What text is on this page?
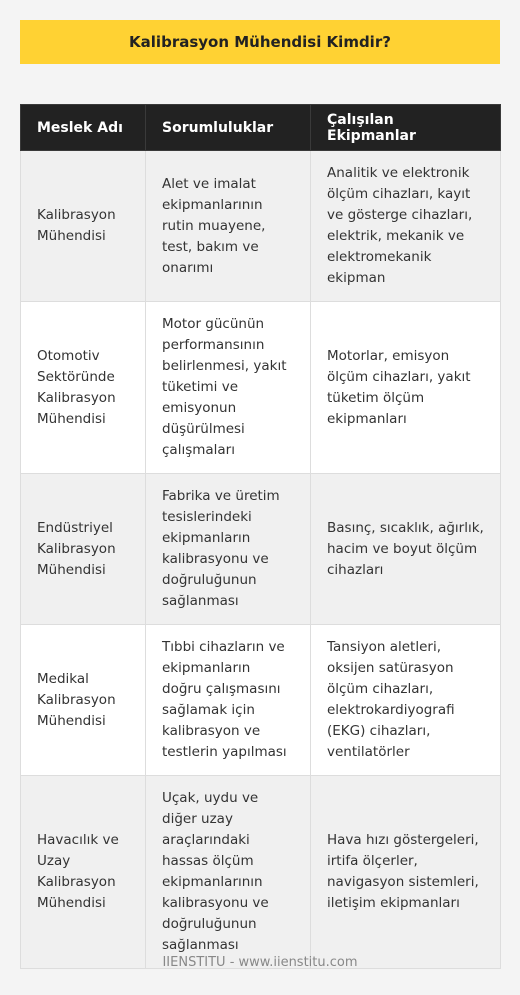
Kalibrasyon Mühendisi Kimdir?
Meslek Adı	Sorumluluklar	Çalışılan Ekipmanlar
Kalibrasyon Mühendisi	Alet ve imalat ekipmanlarının rutin muayene, test, bakım ve onarımı	Analitik ve elektronik ölçüm cihazları, kayıt ve gösterge cihazları, elektrik, mekanik ve elektromekanik ekipman
Otomotiv Sektöründe Kalibrasyon Mühendisi	Motor gücünün performansının belirlenmesi, yakıt tüketimi ve emisyonun düşürülmesi çalışmaları	Motorlar, emisyon ölçüm cihazları, yakıt tüketim ölçüm ekipmanları
Endüstriyel Kalibrasyon Mühendisi	Fabrika ve üretim tesislerindeki ekipmanların kalibrasyonu ve doğruluğunun sağlanması	Basınç, sıcaklık, ağırlık, hacim ve boyut ölçüm cihazları
Medikal Kalibrasyon Mühendisi	Tıbbi cihazların ve ekipmanların doğru çalışmasını sağlamak için kalibrasyon ve testlerin yapılması	Tansiyon aletleri, oksijen satürasyon ölçüm cihazları, elektrokardiyografi (EKG) cihazları, ventilatörler
Havacılık ve Uzay Kalibrasyon Mühendisi	Uçak, uydu ve diğer uzay araçlarındaki hassas ölçüm ekipmanlarının kalibrasyonu ve doğruluğunun sağlanması	Hava hızı göstergeleri, irtifa ölçerler, navigasyon sistemleri, iletişim ekipmanları
IIENSTITU - www.iienstitu.com
